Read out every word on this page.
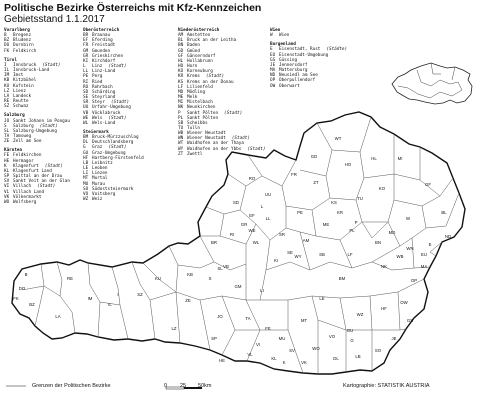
BR
RI
GR
EF
SD
RO
UU
FR
L
LL
PE
WE
WL
VB
GM
SR
SE
KI
GD
ZT
WT
HO
HL	MI
KO
TU
KS
KR
ME
PL
P
AM
WY	SB	LF
BN
MD
GF
BL
NK
WB
WN
W
ND
E
EU
MA
OP
OW
GS
JE
B
DO
FK
BZ
RE
LA
IM
IL
I	SZ
KU
KB
LZ
ZE
S
SL
JO	TA
LI
MU
MT
LE
BM
WZ
HF
GU
G
VO
DL	LB
SO
SP
HE
VL
VI
FE
SV
KL
K	VK
WO
Politische Bezirke Österreichs mit Kfz-Kennzeichen
Gebietsstand 1.1.2017
Vorarlberg
B	Bregenz
BZ Bludenz
DO Dornbirn
FK Feldkirch
Tirol
I	Innsbruck (Stadt)
IL Innsbruck-Land
IM Imst
KB Kitzbühel
KU Kufstein
LZ Lienz
LA Landeck
RE Reutte
SZ Schwaz
Salzburg
JO Sankt Johann im Pongau
S	Salzburg (Stadt)
SL Salzburg-Umgebung
TA Tamsweg
ZE Zell am See
Kärnten
FE Feldkirchen
HE Hermagor
K	Klagenfurt (Stadt)
KL Klagenfurt Land
SP Spittal an der Drau
SV Sankt Veit an der Glan
VI Villach (Stadt)
VL Villach Land
VK Völkermarkt
WO Wolfsberg
Oberösterreich
BR Braunau
EF Eferding
FR Freistadt
GM Gmunden
GR Grieskirchen
KI Kirchdorf
L	Linz (Stadt)
LL Linz-Land
PE Perg
RI Ried
RO Rohrbach
SD Schärding
SE Steyrland
SR Steyr (Stadt)
UU Urfahr-Umgebung
VB Vöcklabruck
WE Wels (Stadt)
WL Wels-Land
Steiermark
BM Bruck-Mürzzuschlag
DL Deutschlandsberg
G	Graz (Stadt)
GU Graz-Umgebung
HF Hartberg-Fürstenfeld
LB Leibnitz
LE Leoben
LI Liezen
MT Murtal
MU Murau
SO Südoststeiermark
VO Voitsberg
WZ Weiz
Niederösterreich
AM Amstetten
BL Bruck an der Leitha
BN Baden
GD Gmünd
GF Gänserndorf
HL Hollabrunn
HO Horn
KO Korneuburg
KR Krems (Stadt)
KS Krems an der Donau
LF Lilienfeld
MD Mödling
ME Melk
MI Mistelbach
NK Neunkirchen
P	Sankt Pölten (Stadt)
PL Sankt Pölten
SB Scheibbs
TU Tulln
WB Wiener Neustadt
WN Wiener Neustadt (Stadt)
WT Waidhofen an der Thaya
WY Waidhofen an der Ybbs (Stadt)
ZT Zwettl
Wien
W	Wien
Burgenland
E	Eisenstadt, Rust (Städte)
EU Eisenstadt-Umgebung
GS Güssing
JE Jennersdorf
MA Mattersburg
ND Neusiedl am See
OP Oberpullendorf
OW Oberwart
Grenzen der Politischen Bezirke	0 25 50km	Kartographie: STATISTIK AUSTRIA
